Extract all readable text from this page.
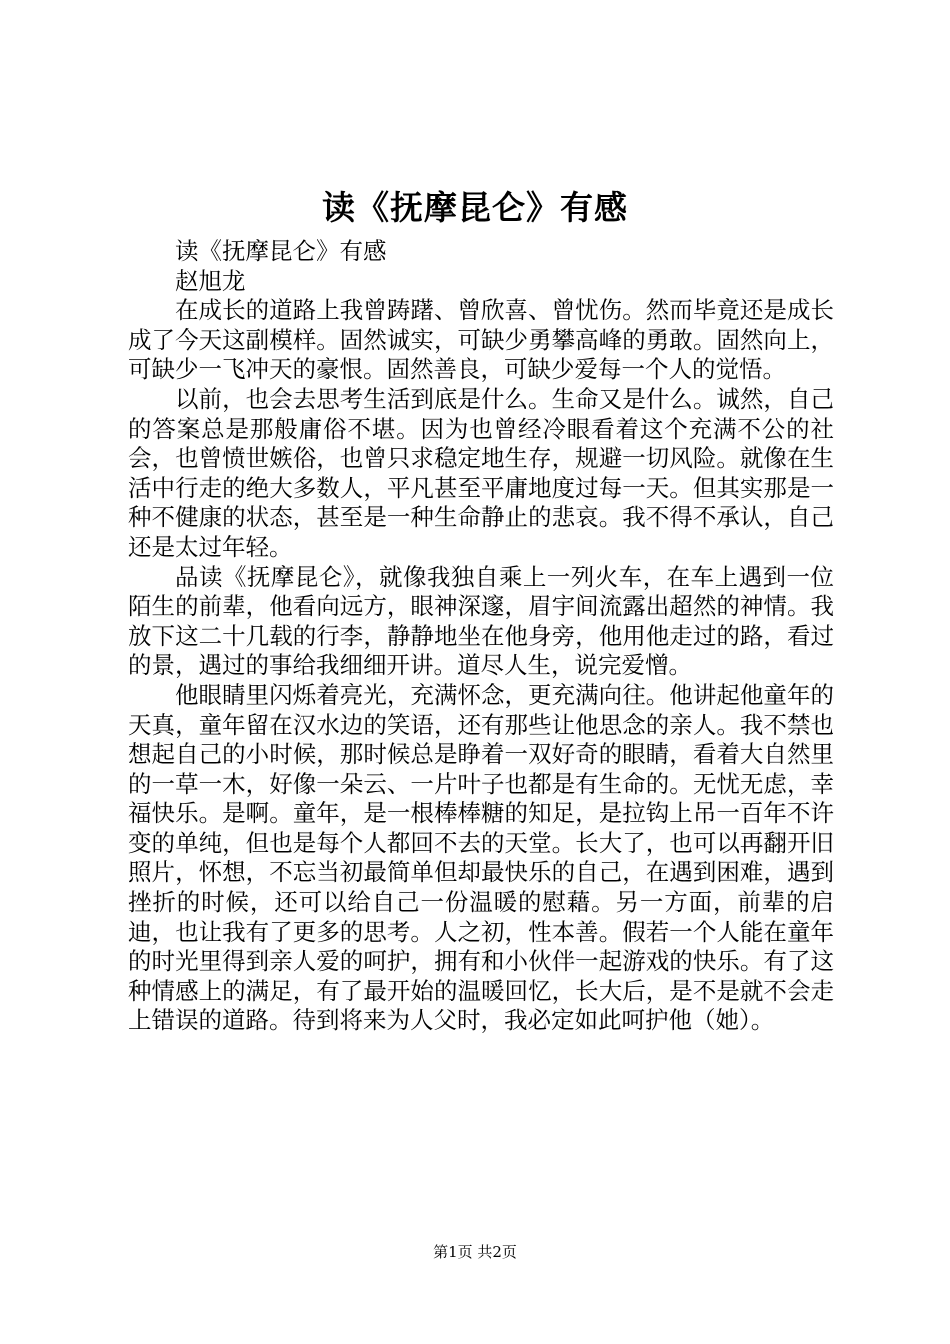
读《抚摩昆仑》有感

读《抚摩昆仑》有感

赵旭龙

在成长的道路上我曾踌躇、曾欣喜、曾忧伤。然而毕竟还是成长成了今天这副模样。固然诚实，可缺少勇攀高峰的勇敢。固然向上，可缺少一飞冲天的豪恨。固然善良，可缺少爱每一个人的觉悟。

以前，也会去思考生活到底是什么。生命又是什么。诚然，自己的答案总是那般庸俗不堪。因为也曾经冷眼看着这个充满不公的社会，也曾愤世嫉俗，也曾只求稳定地生存，规避一切风险。就像在生活中行走的绝大多数人，平凡甚至平庸地度过每一天。但其实那是一种不健康的状态，甚至是一种生命静止的悲哀。我不得不承认，自己还是太过年轻。

品读《抚摩昆仑》，就像我独自乘上一列火车，在车上遇到一位陌生的前辈，他看向远方，眼神深邃，眉宇间流露出超然的神情。我放下这二十几载的行李，静静地坐在他身旁，他用他走过的路，看过的景，遇过的事给我细细开讲。道尽人生，说完爱憎。

他眼睛里闪烁着亮光，充满怀念，更充满向往。他讲起他童年的天真，童年留在汉水边的笑语，还有那些让他思念的亲人。我不禁也想起自己的小时候，那时候总是睁着一双好奇的眼睛，看着大自然里的一草一木，好像一朵云、一片叶子也都是有生命的。无忧无虑，幸福快乐。是啊。童年，是一根棒棒糖的知足，是拉钩上吊一百年不许变的单纯，但也是每个人都回不去的天堂。长大了，也可以再翻开旧照片，怀想，不忘当初最简单但却最快乐的自己，在遇到困难，遇到挫折的时候，还可以给自己一份温暖的慰藉。另一方面，前辈的启迪，也让我有了更多的思考。人之初，性本善。假若一个人能在童年的时光里得到亲人爱的呵护，拥有和小伙伴一起游戏的快乐。有了这种情感上的满足，有了最开始的温暖回忆，长大后，是不是就不会走上错误的道路。待到将来为人父时，我必定如此呵护他（她）。

第1页 共2页
